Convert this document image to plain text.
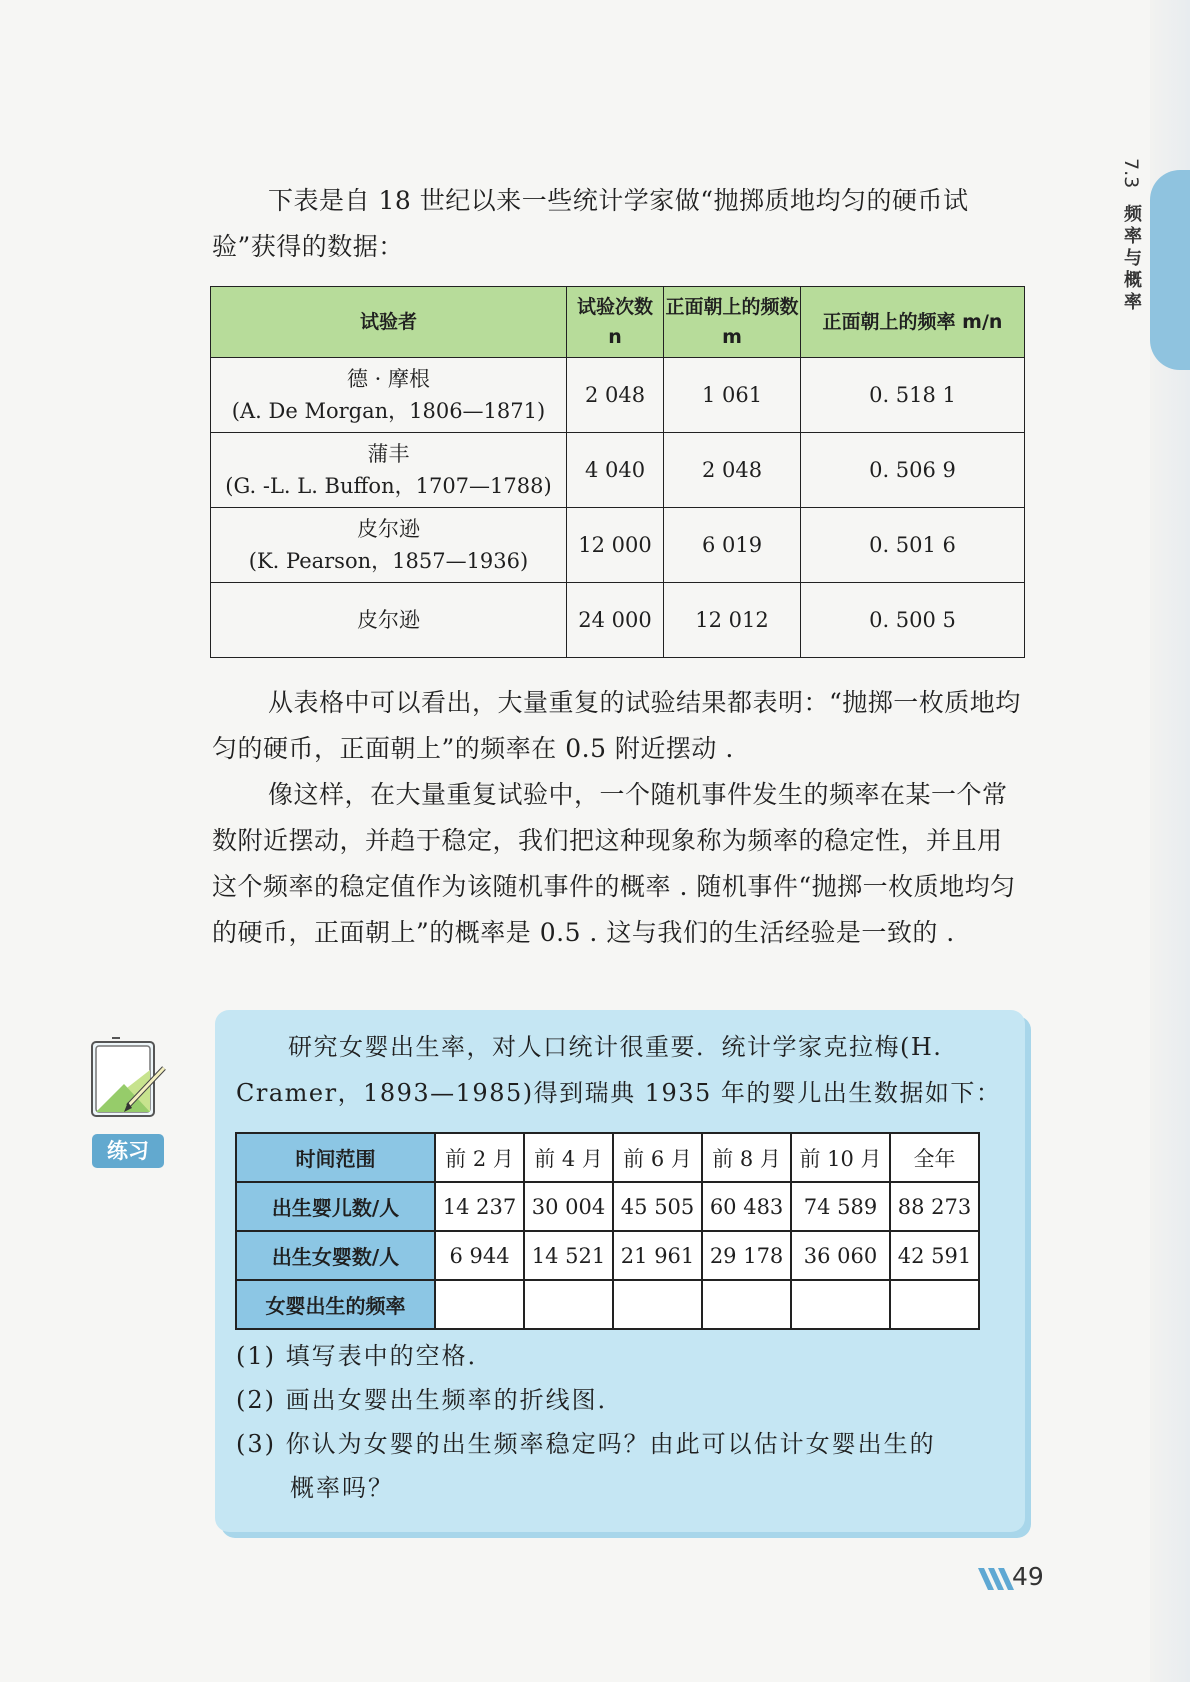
7.3
频率与概率

下表是自 18 世纪以来一些统计学家做“抛掷质地均匀的硬币试验”获得的数据：

试验者	试验次数 n	正面朝上的频数 m	正面朝上的频率 m/n

德 · 摩根
(A. De Morgan，1806—1871)	2 048	1 061	0. 518 1

蒲丰
(G. -L. L. Buffon，1707—1788)	4 040	2 048	0. 506 9

皮尔逊
(K. Pearson，1857—1936)	12 000	6 019	0. 501 6

皮尔逊	24 000	12 012	0. 500 5

从表格中可以看出，大量重复的试验结果都表明：“抛掷一枚质地均匀的硬币，正面朝上”的频率在 0.5 附近摆动 .

像这样，在大量重复试验中，一个随机事件发生的频率在某一个常数附近摆动，并趋于稳定，我们把这种现象称为频率的稳定性，并且用这个频率的稳定值作为该随机事件的概率 . 随机事件“抛掷一枚质地均匀的硬币，正面朝上”的概率是 0.5 . 这与我们的生活经验是一致的 .

练习

研究女婴出生率，对人口统计很重要．统计学家克拉梅(H. Cramer，1893—1985)得到瑞典 1935 年的婴儿出生数据如下：

时间范围	前 2 月	前 4 月	前 6 月	前 8 月	前 10 月	全年
出生婴儿数/人	14 237	30 004	45 505	60 483	74 589	88 273
出生女婴数/人	6 944	14 521	21 961	29 178	36 060	42 591
女婴出生的频率						

(1) 填写表中的空格．

(2) 画出女婴出生频率的折线图．

(3) 你认为女婴的出生频率稳定吗？由此可以估计女婴出生的

概率吗？

49
